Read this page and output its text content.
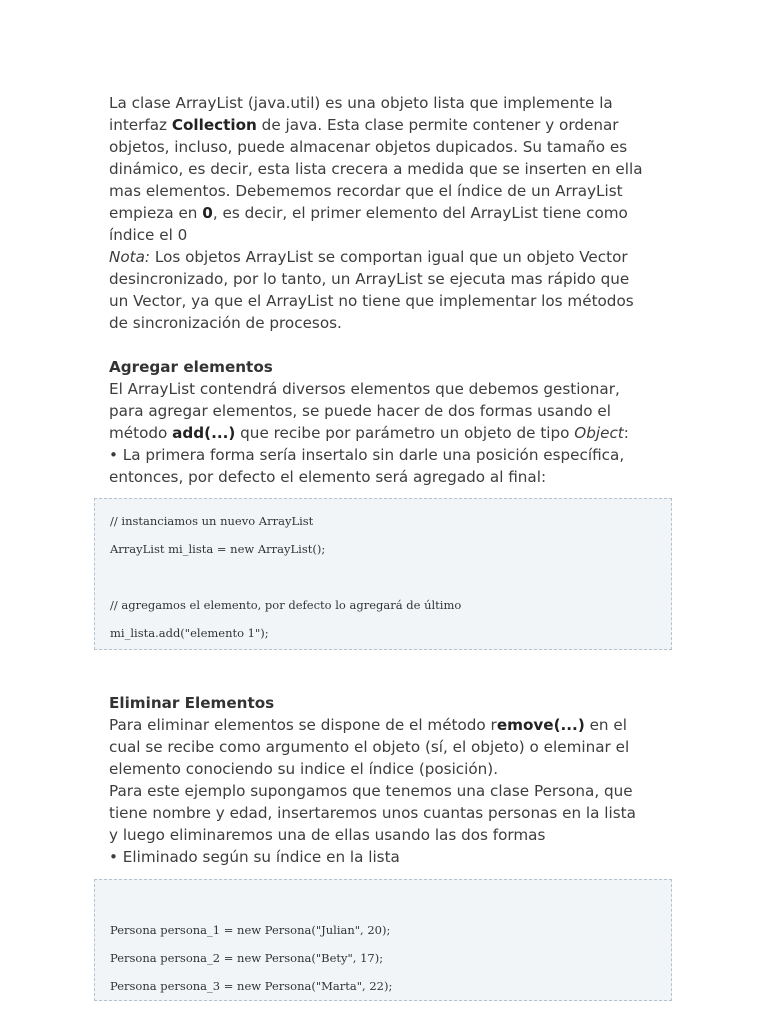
La clase ArrayList (java.util) es una objeto lista que implemente la

interfaz Collection de java. Esta clase permite contener y ordenar

objetos, incluso, puede almacenar objetos dupicados. Su tamaño es

dinámico, es decir, esta lista crecera a medida que se inserten en ella

mas elementos. Debememos recordar que el índice de un ArrayList

empieza en 0, es decir, el primer elemento del ArrayList tiene como

índice el 0

Nota: Los objetos ArrayList se comportan igual que un objeto Vector

desincronizado, por lo tanto, un ArrayList se ejecuta mas rápido que

un Vector, ya que el ArrayList no tiene que implementar los métodos

de sincronización de procesos.

Agregar elementos

El ArrayList contendrá diversos elementos que debemos gestionar,

para agregar elementos, se puede hacer de dos formas usando el

método add(...) que recibe por parámetro un objeto de tipo Object:

• La primera forma sería insertalo sin darle una posición específica,

entonces, por defecto el elemento será agregado al final:

// instanciamos un nuevo ArrayList
ArrayList mi_lista = new ArrayList();
// agregamos el elemento, por defecto lo agregará de último
mi_lista.add("elemento 1");

Eliminar Elementos

Para eliminar elementos se dispone de el método remove(...) en el

cual se recibe como argumento el objeto (sí, el objeto) o eleminar el

elemento conociendo su indice el índice (posición).

Para este ejemplo supongamos que tenemos una clase Persona, que

tiene nombre y edad, insertaremos unos cuantas personas en la lista

y luego eliminaremos una de ellas usando las dos formas

• Eliminado según su índice en la lista

Persona persona_1 = new Persona("Julian", 20);
Persona persona_2 = new Persona("Bety", 17);
Persona persona_3 = new Persona("Marta", 22);
